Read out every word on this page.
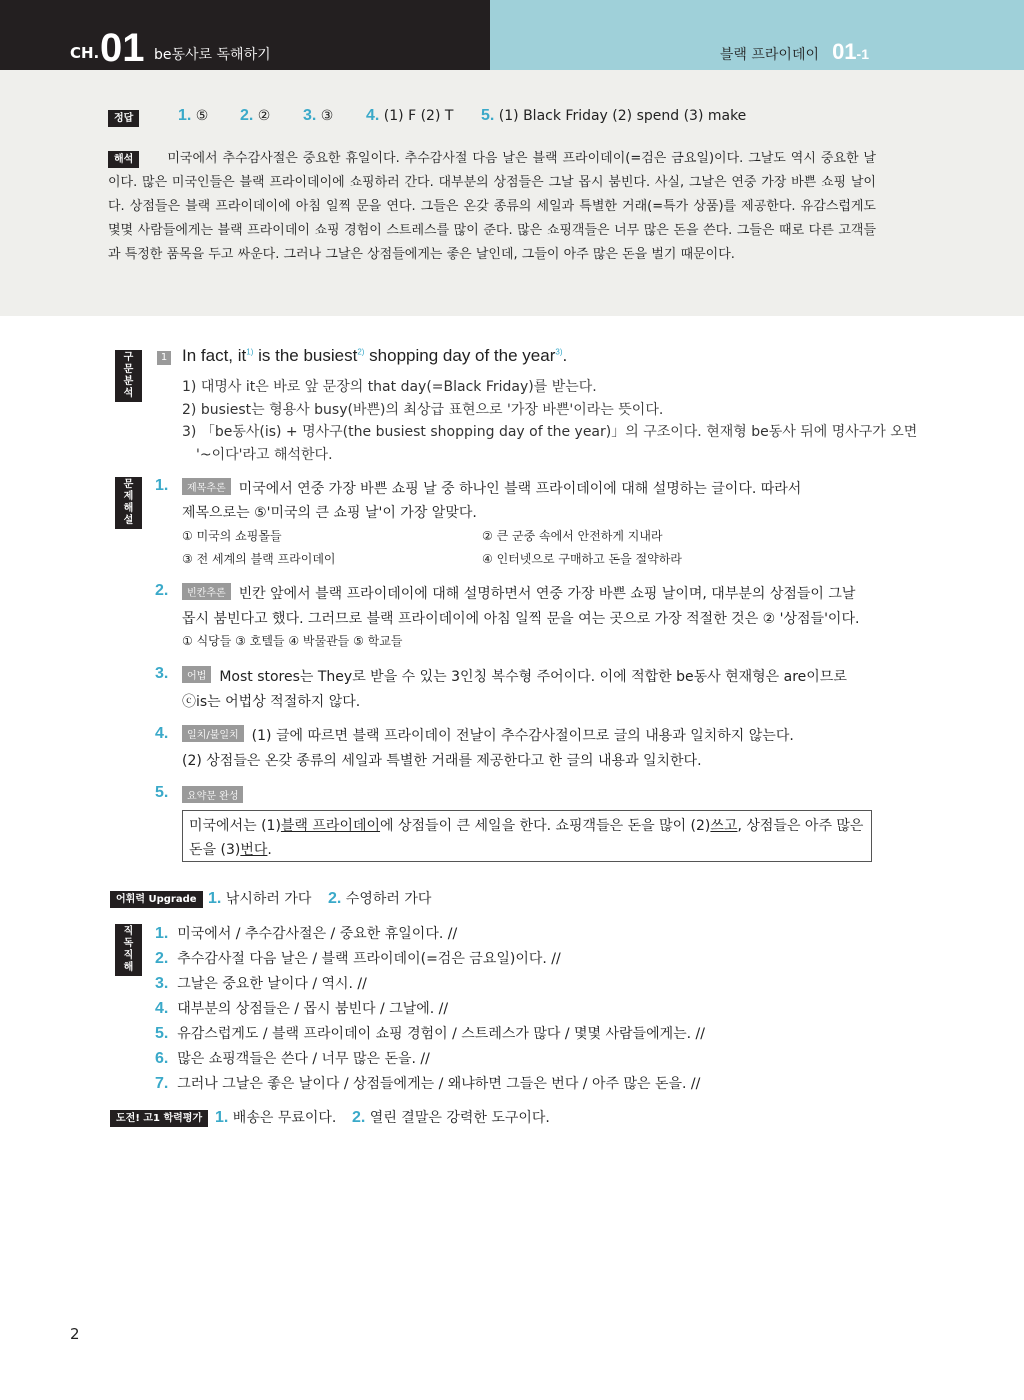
CH. 01 be동사로 독해하기	블랙 프라이데이 01-1
정답	1. ⑤ 2. ② 3. ③ 4. (1) F (2) T 5. (1) Black Friday (2) spend (3) make
해석	미국에서 추수감사절은 중요한 휴일이다. 추수감사절 다음 날은 블랙 프라이데이(=검은 금요일)이다. 그날도 역시 중요한 날이다. 많은 미국인들은 블랙 프라이데이에 쇼핑하러 간다. 대부분의 상점들은 그날 몹시 붐빈다. 사실, 그날은 연중 가장 바쁜 쇼핑 날이다. 상점들은 블랙 프라이데이에 아침 일찍 문을 연다. 그들은 온갖 종류의 세일과 특별한 거래(=특가 상품)를 제공한다. 유감스럽게도 몇몇 사람들에게는 블랙 프라이데이 쇼핑 경험이 스트레스를 많이 준다. 많은 쇼핑객들은 너무 많은 돈을 쓴다. 그들은 때로 다른 고객들과 특정한 품목을 두고 싸운다. 그러나 그날은 상점들에게는 좋은 날인데, 그들이 아주 많은 돈을 벌기 때문이다.
구문
분석
1 In fact, $it^{1)}$ is the busiest$^{2)}$ shopping day of the year$^{3)}$.
1) 대명사 it은 바로 앞 문장의 that day(=Black Friday)를 받는다.
2) busiest는 형용사 busy(바쁜)의 최상급 표현으로 '가장 바쁜'이라는 뜻이다.
3) 「be동사(is) + 명사구(the busiest shopping day of the year)」의 구조이다. 현재형 be동사 뒤에 명사구가 오면
'~이다'라고 해석한다.
문제
해설
1.	제목추론 미국에서 연중 가장 바쁜 쇼핑 날 중 하나인 블랙 프라이데이에 대해 설명하는 글이다. 따라서
제목으로는 ⑤'미국의 큰 쇼핑 날'이 가장 알맞다.
① 미국의 쇼핑몰들	② 큰 군중 속에서 안전하게 지내라
③ 전 세계의 블랙 프라이데이	④ 인터넷으로 구매하고 돈을 절약하라
2.	빈칸추론 빈칸 앞에서 블랙 프라이데이에 대해 설명하면서 연중 가장 바쁜 쇼핑 날이며, 대부분의 상점들이 그날
몹시 붐빈다고 했다. 그러므로 블랙 프라이데이에 아침 일찍 문을 여는 곳으로 가장 적절한 것은 ② '상점들'이다.
① 식당들 ③ 호텔들 ④ 박물관들 ⑤ 학교들
3.	어법 Most stores는 They로 받을 수 있는 3인칭 복수형 주어이다. 이에 적합한 be동사 현재형은 are이므로
ⓒis는 어법상 적절하지 않다.
4.	일치/불일치 (1) 글에 따르면 블랙 프라이데이 전날이 추수감사절이므로 글의 내용과 일치하지 않는다.
(2) 상점들은 온갖 종류의 세일과 특별한 거래를 제공한다고 한 글의 내용과 일치한다.
5.	요약문 완성
미국에서는 (1)블랙 프라이데이에 상점들이 큰 세일을 한다. 쇼핑객들은 돈을 많이 (2)쓰고, 상점들은 아주 많은
돈을 (3)번다.
어휘력 Upgrade 1. 낚시하러 가다 2. 수영하러 가다
직독
직해
1. 미국에서 / 추수감사절은 / 중요한 휴일이다. //
2. 추수감사절 다음 날은 / 블랙 프라이데이(=검은 금요일)이다. //
3. 그날은 중요한 날이다 / 역시. //
4. 대부분의 상점들은 / 몹시 붐빈다 / 그날에. //
5. 유감스럽게도 / 블랙 프라이데이 쇼핑 경험이 / 스트레스가 많다 / 몇몇 사람들에게는. //
6. 많은 쇼핑객들은 쓴다 / 너무 많은 돈을. //
7. 그러나 그날은 좋은 날이다 / 상점들에게는 / 왜냐하면 그들은 번다 / 아주 많은 돈을. //
도전! 고1 학력평가 1. 배송은 무료이다. 2. 열린 결말은 강력한 도구이다.
2
